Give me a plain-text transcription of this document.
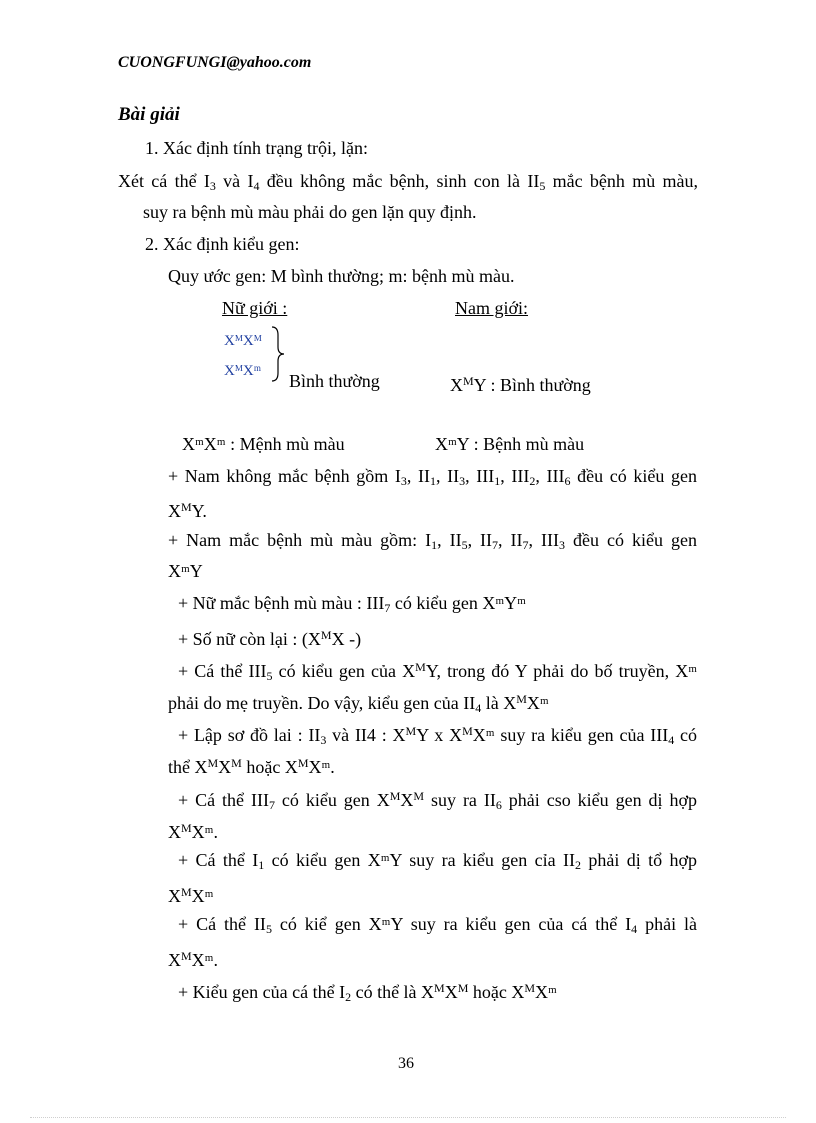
CUONGFUNGI@yahoo.com
Bài giải
1. Xác định tính trạng trội, lặn:
Xét cá thể $I_3$ và $I_4$ đều không mắc bệnh, sinh con là $II_5$ mắc bệnh mù màu,
suy ra bệnh mù màu phải do gen lặn quy định.
2. Xác định kiểu gen:
Quy ước gen: M bình thường; m: bệnh mù màu.
Nữ giới :	Nam giới:
XᴹXᴹ
XᴹXᵐ Bình thường	$X^MY$ : Bình thường
XᵐXᵐ : Mệnh mù màu	XᵐY : Bệnh mù màu
+ Nam không mắc bệnh gồm $I_3$, $II_1$, $II_3$, $III_1$, $III_2$, $III_6$ đều có kiểu gen
$X^MY$.
+ Nam mắc bệnh mù màu gồm: $I_1$, $II_5$, $II_7$, $II_7$, $III_3$ đều có kiểu gen
XᵐY
+ Nữ mắc bệnh mù màu : $III_7$ có kiểu gen XᵐYᵐ
+ Số nữ còn lại : ($X^MX$ -)
+ Cá thể $III_5$ có kiểu gen của $X^MY$, trong đó Y phải do bố truyền, Xᵐ
phải do mẹ truyền. Do vậy, kiểu gen của $II_4$ là $X^MXᵐ$
+ Lập sơ đồ lai : $II_3$ và II4 : $X^MY$ x $X^MXᵐ$ suy ra kiểu gen của $III_4$ có
thể $X^MX^M$ hoặc $X^MXᵐ$.
+ Cá thể $III_7$ có kiểu gen $X^MX^M$ suy ra $II_6$ phải cso kiểu gen dị hợp
$X^MXᵐ$.
+ Cá thể $I_1$ có kiểu gen XᵐY suy ra kiểu gen cỉa $II_2$ phải dị tổ hợp
$X^MXᵐ$
+ Cá thể $II_5$ có kiể gen XᵐY suy ra kiểu gen của cá thể $I_4$ phải là
$X^MXᵐ$.
+ Kiểu gen của cá thể $I_2$ có thể là $X^MX^M$ hoặc $X^MXᵐ$
36
